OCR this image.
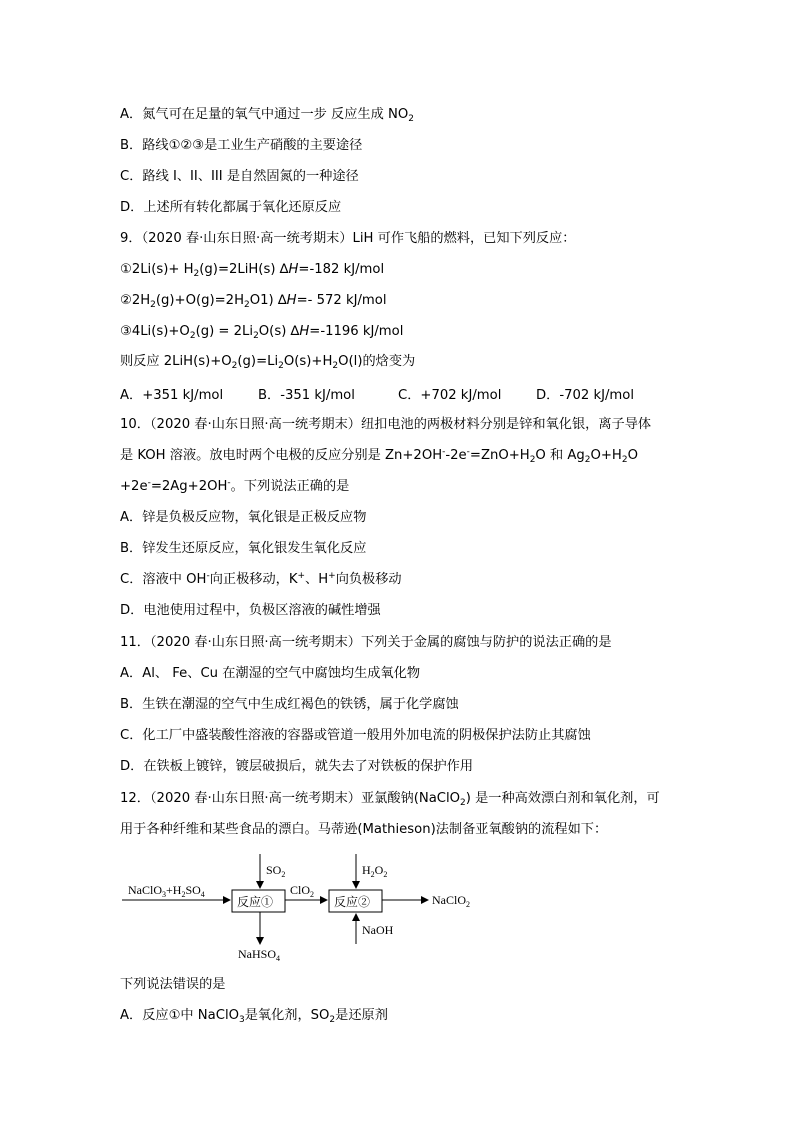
A．氮气可在足量的氧气中通过一步 反应生成 $NO_2$
B．路线①②③是工业生产硝酸的主要途径
C．路线 I、II、III 是自然固氮的一种途径
D．上述所有转化都属于氧化还原反应
9．（2020 春·山东日照·高一统考期末）LiH 可作飞船的燃料，已知下列反应：
①2Li(s)+ $H_2(g)=2LiH(s)$ ∆H=-182 kJ/mol
$②2H_2(g)+O(g)=2H_2O1$) ∆H=- 572 kJ/mol
$③4Li(s)+O_2(g) = 2Li_2O(s)$ ∆H=-1196 kJ/mol
则反应 $2LiH(s)+O_2(g)=Li_2O(s)+H_2O(l)$的焓变为
A．+351 kJ/mol	B．-351 kJ/mol	C．+702 kJ/mol	D．-702 kJ/mol
10．（2020 春·山东日照·高一统考期末）纽扣电池的两极材料分别是锌和氧化银，离子导体
是 KOH 溶液。放电时两个电极的反应分别是 $Zn+2OH^--2e^-=ZnO+H_2O$ 和 $Ag_2O+H_2O$
+2e-=2Ag+2OH-。下列说法正确的是
A．锌是负极反应物，氧化银是正极反应物
B．锌发生还原反应，氧化银发生氧化反应
C．溶液中 OH-向正极移动，K+、H+向负极移动
D．电池使用过程中，负极区溶液的碱性增强
11．（2020 春·山东日照·高一统考期末）下列关于金属的腐蚀与防护的说法正确的是
A．Al、 Fe、Cu 在潮湿的空气中腐蚀均生成氧化物
B．生铁在潮湿的空气中生成红褐色的铁锈，属于化学腐蚀
C．化工厂中盛装酸性溶液的容器或管道一般用外加电流的阴极保护法防止其腐蚀
D．在铁板上镀锌，镀层破损后，就失去了对铁板的保护作用
12．（2020 春·山东日照·高一统考期末）亚氯酸钠(NaClO$_2$) 是一种高效漂白剂和氧化剂，可
用于各种纤维和某些食品的漂白。马蒂逊(Mathieson)法制备亚氧酸钠的流程如下：
$NaClO_3+H_2SO_4$
反应①
$SO_2$
NaHSO$_4$
ClO$_2$
反应②
$H_2O_2$
NaOH
NaClO$_2$
下列说法错误的是
A．反应①中 NaClO$_3$是氧化剂，$SO_2$是还原剂
